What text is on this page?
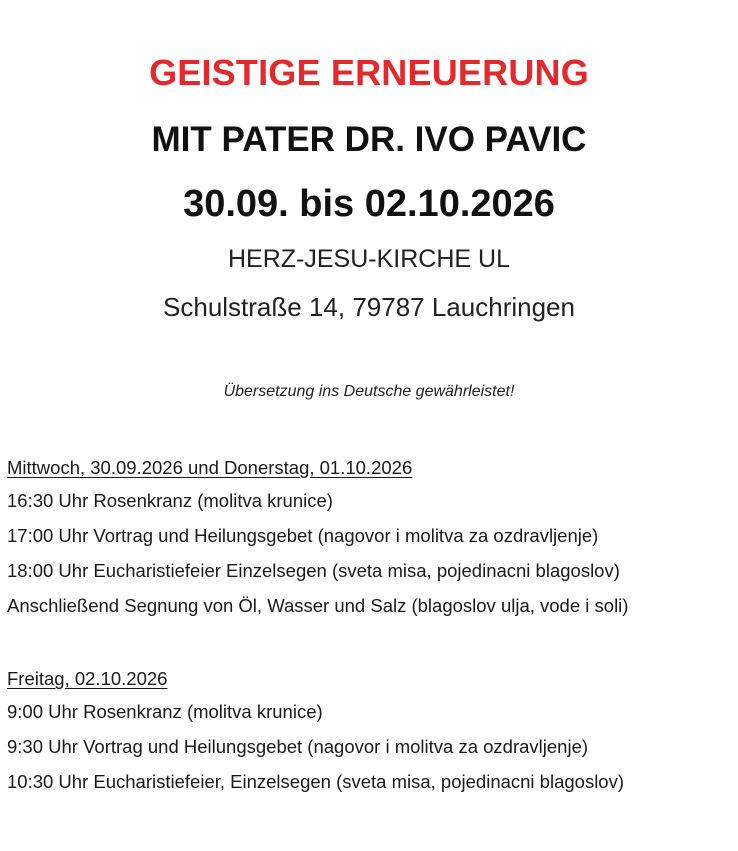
GEISTIGE ERNEUERUNG
MIT PATER DR. IVO PAVIC
30.09. bis 02.10.2026
HERZ-JESU-KIRCHE UL
Schulstraße 14, 79787 Lauchringen
Übersetzung ins Deutsche gewährleistet!
Mittwoch, 30.09.2026 und Donerstag, 01.10.2026
16:30 Uhr Rosenkranz (molitva krunice)
17:00 Uhr Vortrag und Heilungsgebet (nagovor i molitva za ozdravljenje)
18:00 Uhr Eucharistiefeier Einzelsegen (sveta misa, pojedinacni blagoslov)
Anschließend Segnung von Öl, Wasser und Salz (blagoslov ulja, vode i soli)
Freitag, 02.10.2026
9:00 Uhr Rosenkranz (molitva krunice)
9:30 Uhr Vortrag und Heilungsgebet (nagovor i molitva za ozdravljenje)
10:30 Uhr Eucharistiefeier, Einzelsegen (sveta misa, pojedinacni blagoslov)
